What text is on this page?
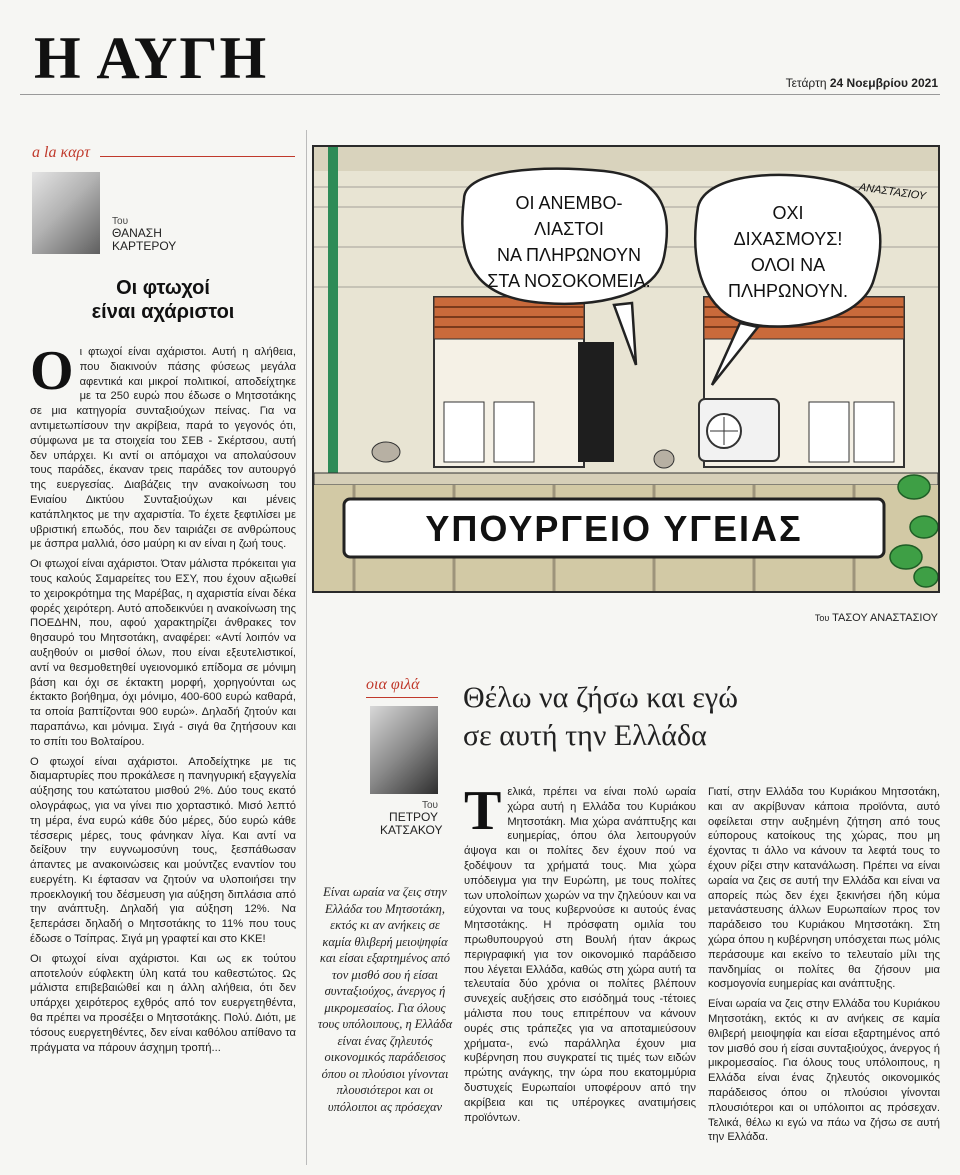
Η ΑΥΓΗ	Τετάρτη 24 Νοεμβρίου 2021
a la καρτ
Του
ΘΑΝΑΣΗ
ΚΑΡΤΕΡΟΥ
Οι φτωχοί
είναι αχάριστοι

Οι φτωχοί είναι αχάριστοι. Αυτή η αλήθεια, που διακινούν πάσης φύσεως μεγάλα αφεντικά και μικροί πολιτικοί, αποδείχτηκε με τα 250 ευρώ που έδωσε ο Μητσοτάκης σε μια κατηγορία συνταξιούχων πείνας. Για να αντιμετωπίσουν την ακρίβεια, παρά το γεγονός ότι, σύμφωνα με τα στοιχεία του ΣΕΒ - Σκέρτσου, αυτή δεν υπάρχει. Κι αντί οι απόμαχοι να απολαύσουν τους παράδες, έκαναν τρεις παράδες τον αυτουργό της ευεργεσίας. Διαβάζεις την ανακοίνωση του Ενιαίου Δικτύου Συνταξιούχων και μένεις κατάπληκτος με την αχαριστία. Το έχετε ξεφτιλίσει με υβριστική επωδός, που δεν ταιριάζει σε ανθρώπους με άσπρα μαλλιά, όσο μαύρη κι αν είναι η ζωή τους.

Οι φτωχοί είναι αχάριστοι. Όταν μάλιστα πρόκειται για τους καλούς Σαμαρείτες του ΕΣΥ, που έχουν αξιωθεί το χειροκρότημα της Μαρέβας, η αχαριστία είναι δέκα φορές χειρότερη. Αυτό αποδεικνύει η ανακοίνωση της ΠΟΕΔΗΝ, που, αφού χαρακτηρίζει άνθρακες τον θησαυρό του Μητσοτάκη, αναφέρει: «Αντί λοιπόν να αυξηθούν οι μισθοί όλων, που είναι εξευτελιστικοί, αντί να θεσμοθετηθεί υγειονομικό επίδομα σε μόνιμη βάση και όχι σε έκτακτη μορφή, χορηγούνται ως έκτακτο βοήθημα, όχι μόνιμο, 400-600 ευρώ καθαρά, τα οποία βαπτίζονται 900 ευρώ». Δηλαδή ζητούν και παραπάνω, και μόνιμα. Σιγά - σιγά θα ζητήσουν και το σπίτι του Βολταίρου.

Ο φτωχοί είναι αχάριστοι. Αποδείχτηκε με τις διαμαρτυρίες που προκάλεσε η πανηγυρική εξαγγελία αύξησης του κατώτατου μισθού 2%. Δύο τους εκατό ολογράφως, για να γίνει πιο χορταστικό. Μισό λεπτό τη μέρα, ένα ευρώ κάθε δύο μέρες, δύο ευρώ κάθε τέσσερις μέρες, τους φάνηκαν λίγα. Και αντί να δείξουν την ευγνωμοσύνη τους, ξεσπάθωσαν άπαντες με ανακοινώσεις και μούντζες εναντίον του ευεργέτη. Κι έφτασαν να ζητούν να υλοποιήσει την προεκλογική του δέσμευση για αύξηση διπλάσια από την ανάπτυξη. Δηλαδή για αύξηση 12%. Να ξεπεράσει δηλαδή ο Μητσοτάκης το 11% που τους έδωσε ο Τσίπρας. Σιγά μη γραφτεί και στο ΚΚΕ!

Οι φτωχοί είναι αχάριστοι. Και ως εκ τούτου αποτελούν εύφλεκτη ύλη κατά του καθεστώτος. Ως μάλιστα επιβεβαιώθεί και η άλλη αλήθεια, ότι δεν υπάρχει χειρότερος εχθρός από τον ευεργετηθέντα, θα πρέπει να προσέξει ο Μητσοτάκης. Πολύ. Διότι, με τόσους ευεργετηθέντες, δεν είναι καθόλου απίθανο τα πράγματα να πάρουν άσχημη τροπή...

ΟΙ ΑΝΕΜΒΟ-
ΛΙΑΣΤΟΙ
ΝΑ ΠΛΗΡΩΝΟΥΝ
ΣΤΑ ΝΟΣΟΚΟΜΕΙΑ.
ΟΧΙ
ΔΙΧΑΣΜΟΥΣ!
ΟΛΟΙ ΝΑ
ΠΛΗΡΩΝΟΥΝ.
ΥΠΟΥΡΓΕΙΟ ΥΓΕΙΑΣ
ΑΝΑΣΤΑΣΙΟΥ
Του ΤΑΣΟΥ ΑΝΑΣΤΑΣΙΟΥ
οια φιλά
Του
ΠΕΤΡΟΥ
ΚΑΤΣΑΚΟΥ
Θέλω να ζήσω και εγώ
σε αυτή την Ελλάδα
Είναι ωραία να ζεις στην Ελλάδα του Μητσοτάκη, εκτός κι αν ανήκεις σε καμία θλιβερή μειοψηφία και είσαι εξαρτημένος από τον μισθό σου ή είσαι συνταξιούχος, άνεργος ή μικρομεσαίος. Για όλους τους υπόλοιπους, η Ελλάδα είναι ένας ζηλευτός οικονομικός παράδεισος όπου οι πλούσιοι γίνονται πλουσιότεροι και οι υπόλοιποι ας πρόσεχαν

Τελικά, πρέπει να είναι πολύ ωραία χώρα αυτή η Ελλάδα του Κυριάκου Μητσοτάκη. Μια χώρα ανάπτυξης και ευημερίας, όπου όλα λειτουργούν άψογα και οι πολίτες δεν έχουν πού να ξοδέψουν τα χρήματά τους. Μια χώρα υπόδειγμα για την Ευρώπη, με τους πολίτες των υπολοίπων χωρών να την ζηλεύουν και να εύχονται να τους κυβερνούσε κι αυτούς ένας Μητσοτάκης. Η πρόσφατη ομιλία του πρωθυπουργού στη Βουλή ήταν άκρως περιγραφική για τον οικονομικό παράδεισο που λέγεται Ελλάδα, καθώς στη χώρα αυτή τα τελευταία δύο χρόνια οι πολίτες βλέπουν συνεχείς αυξήσεις στο εισόδημά τους -τέτοιες μάλιστα που τους επιτρέπουν να κάνουν ουρές στις τράπεζες για να αποταμιεύσουν χρήματα-, ενώ παράλληλα έχουν μια κυβέρνηση που συγκρατεί τις τιμές των ειδών πρώτης ανάγκης, την ώρα που εκατομμύρια δυστυχείς Ευρωπαίοι υποφέρουν από την ακρίβεια και τις υπέρογκες ανατιμήσεις προϊόντων.

Γιατί, στην Ελλάδα του Κυριάκου Μητσοτάκη, και αν ακρίβυναν κάποια προϊόντα, αυτό οφείλεται στην αυξημένη ζήτηση από τους εύπορους κατοίκους της χώρας, που μη έχοντας τι άλλο να κάνουν τα λεφτά τους το έχουν ρίξει στην κατανάλωση. Πρέπει να είναι ωραία να ζεις σε αυτή την Ελλάδα και είναι να απορείς πώς δεν έχει ξεκινήσει ήδη κύμα μετανάστευσης άλλων Ευρωπαίων προς τον παράδεισο του Κυριάκου Μητσοτάκη. Στη χώρα όπου η κυβέρνηση υπόσχεται πως μόλις περάσουμε και εκείνο το τελευταίο μίλι της πανδημίας οι πολίτες θα ζήσουν μια κοσμογονία ευημερίας και ανάπτυξης.

Είναι ωραία να ζεις στην Ελλάδα του Κυριάκου Μητσοτάκη, εκτός κι αν ανήκεις σε καμία θλιβερή μειοψηφία και είσαι εξαρτημένος από τον μισθό σου ή είσαι συνταξιούχος, άνεργος ή μικρομεσαίος. Για όλους τους υπόλοιπους, η Ελλάδα είναι ένας ζηλευτός οικονομικός παράδεισος όπου οι πλούσιοι γίνονται πλουσιότεροι και οι υπόλοιποι ας πρόσεχαν. Τελικά, θέλω κι εγώ να πάω να ζήσω σε αυτή την Ελλάδα.
